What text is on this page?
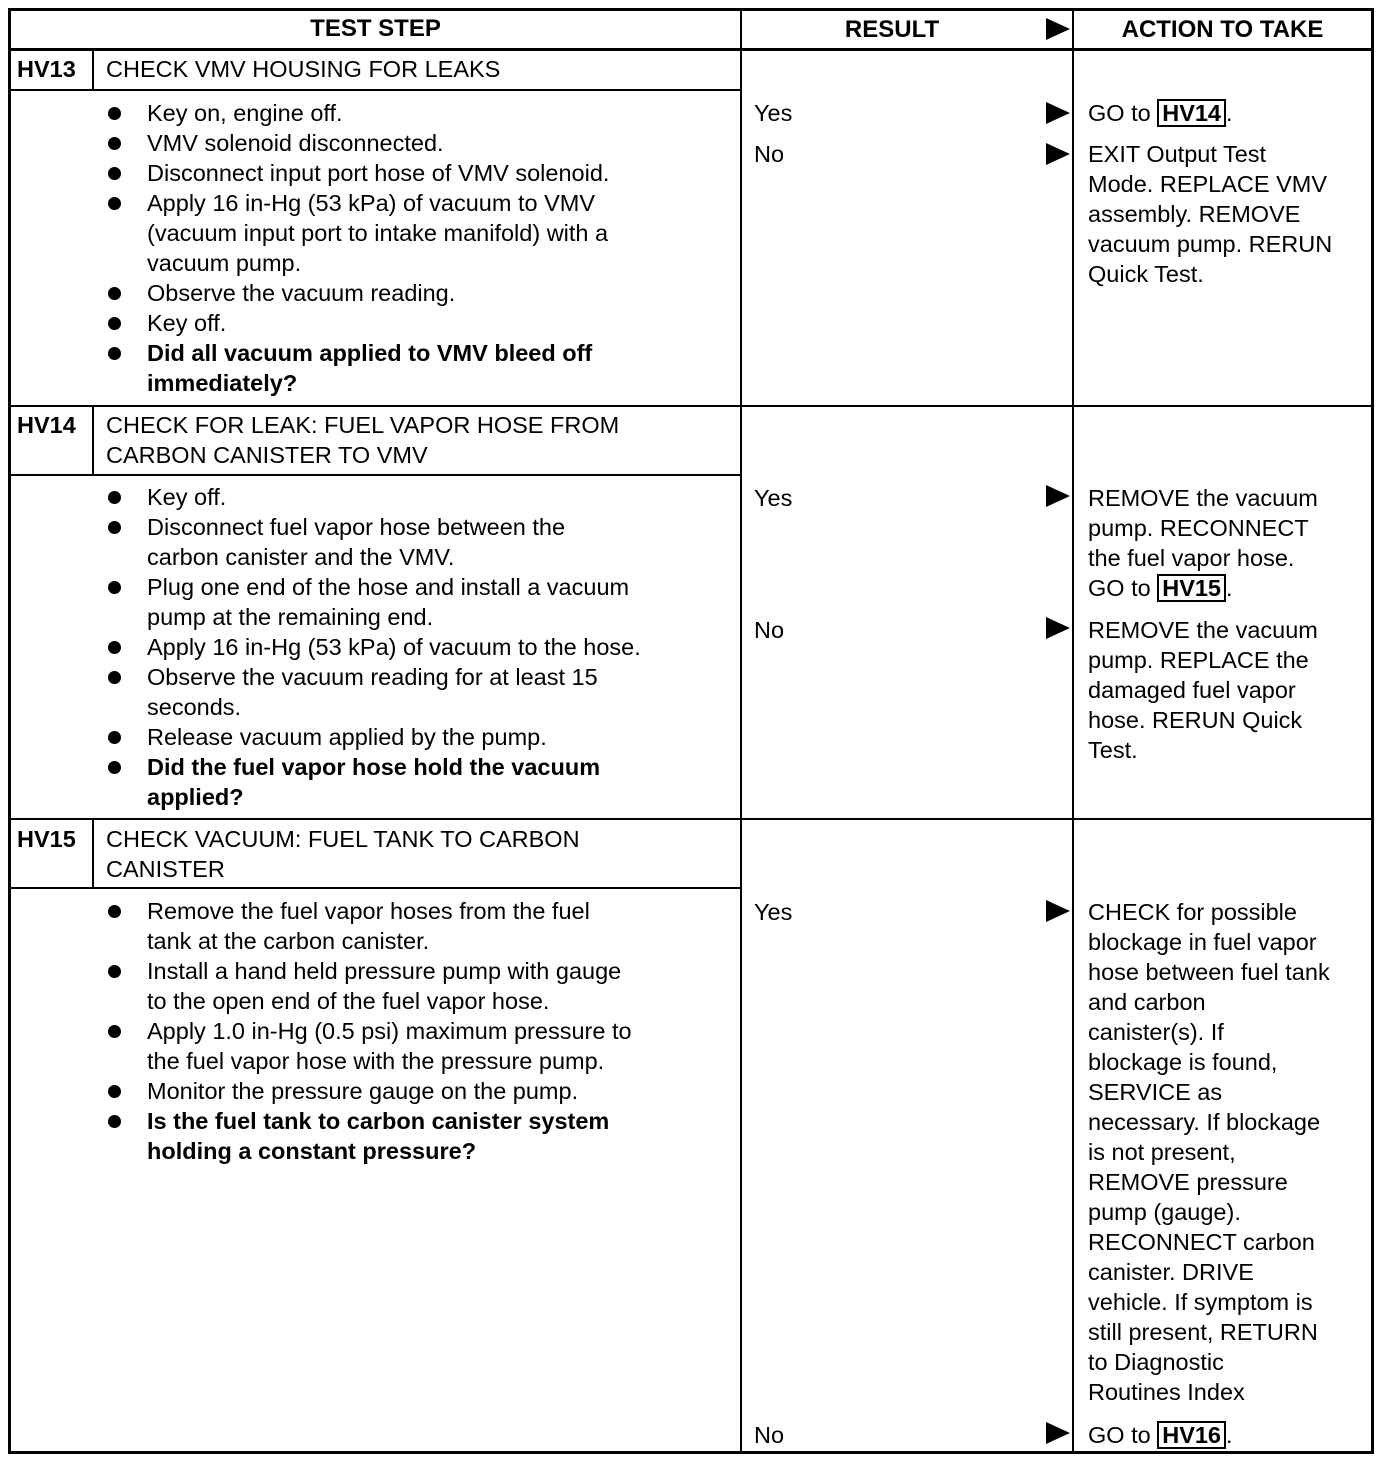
TEST STEP	RESULT	ACTION TO TAKE
HV13 CHECK VMV HOUSING FOR LEAKS
Key on, engine off.
VMV solenoid disconnected.
Disconnect input port hose of VMV solenoid.
Apply 16 in-Hg (53 kPa) of vacuum to VMV
(vacuum input port to intake manifold) with a
vacuum pump.
Observe the vacuum reading.
Key off.
Did all vacuum applied to VMV bleed off
immediately?
Yes	GO to HV14 .
No	EXIT Output Test
Mode. REPLACE VMV
assembly. REMOVE
vacuum pump. RERUN
Quick Test.
HV14 CHECK FOR LEAK: FUEL VAPOR HOSE FROM
CARBON CANISTER TO VMV
Key off.
Disconnect fuel vapor hose between the
carbon canister and the VMV.
Plug one end of the hose and install a vacuum
pump at the remaining end.
Apply 16 in-Hg (53 kPa) of vacuum to the hose.
Observe the vacuum reading for at least 15
seconds.
Release vacuum applied by the pump.
Did the fuel vapor hose hold the vacuum
applied?
Yes	REMOVE the vacuum
pump. RECONNECT
the fuel vapor hose.
GO to HV15 .
No	REMOVE the vacuum
pump. REPLACE the
damaged fuel vapor
hose. RERUN Quick
Test.
HV15 CHECK VACUUM: FUEL TANK TO CARBON
CANISTER
Remove the fuel vapor hoses from the fuel
tank at the carbon canister.
Install a hand held pressure pump with gauge
to the open end of the fuel vapor hose.
Apply 1.0 in-Hg (0.5 psi) maximum pressure to
the fuel vapor hose with the pressure pump.
Monitor the pressure gauge on the pump.
Is the fuel tank to carbon canister system
holding a constant pressure?
Yes	CHECK for possible
blockage in fuel vapor
hose between fuel tank
and carbon
canister(s). If
blockage is found,
SERVICE as
necessary. If blockage
is not present,
REMOVE pressure
pump (gauge).
RECONNECT carbon
canister. DRIVE
vehicle. If symptom is
still present, RETURN
to Diagnostic
Routines Index
No	GO to HV16 .
